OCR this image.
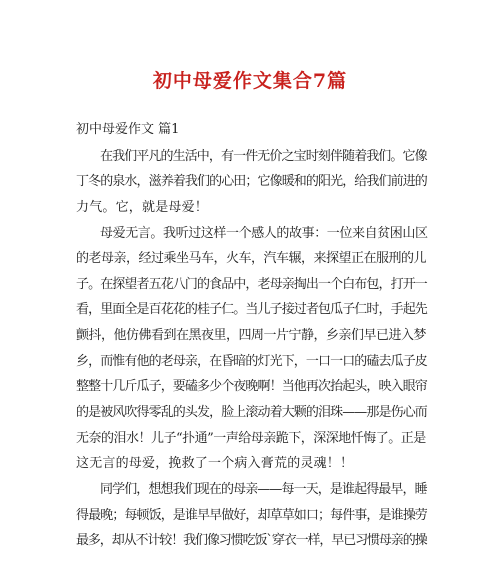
初中母爱作文集合7篇
初中母爱作文 篇1
在我们平凡的生活中，有一件无价之宝时刻伴随着我们。它像
丁冬的泉水，滋养着我们的心田；它像暖和的阳光，给我们前进的
力气。它，就是母爱！
母爱无言。我听过这样一个感人的故事：一位来自贫困山区
的老母亲，经过乘坐马车，火车，汽车辗，来探望正在服刑的儿
子。在探望者五花八门的食品中，老母亲掏出一个白布包，打开一
看，里面全是百花花的桂子仁。当儿子接过者包瓜子仁时，手起先
颤抖，他仿佛看到在黑夜里，四周一片宁静，乡亲们早已进入梦
乡，而惟有他的老母亲，在昏暗的灯光下，一口一口的磕去瓜子皮
整整十几斤瓜子，要磕多少个夜晚啊！当他再次抬起头，映入眼帘
的是被风吹得零乱的头发，脸上滚动着大颗的泪珠——那是伤心而
无奈的泪水！儿子“扑通”一声给母亲跪下，深深地忏悔了。正是
这无言的母爱，挽救了一个病入膏荒的灵魂！！
同学们，想想我们现在的母亲——每一天，是谁起得最早，睡
得最晚；每顿饭，是谁早早做好，却草草如口；每件事，是谁操劳
最多，却从不计较！我们像习惯吃饭`穿衣一样，早已习惯母亲的操
